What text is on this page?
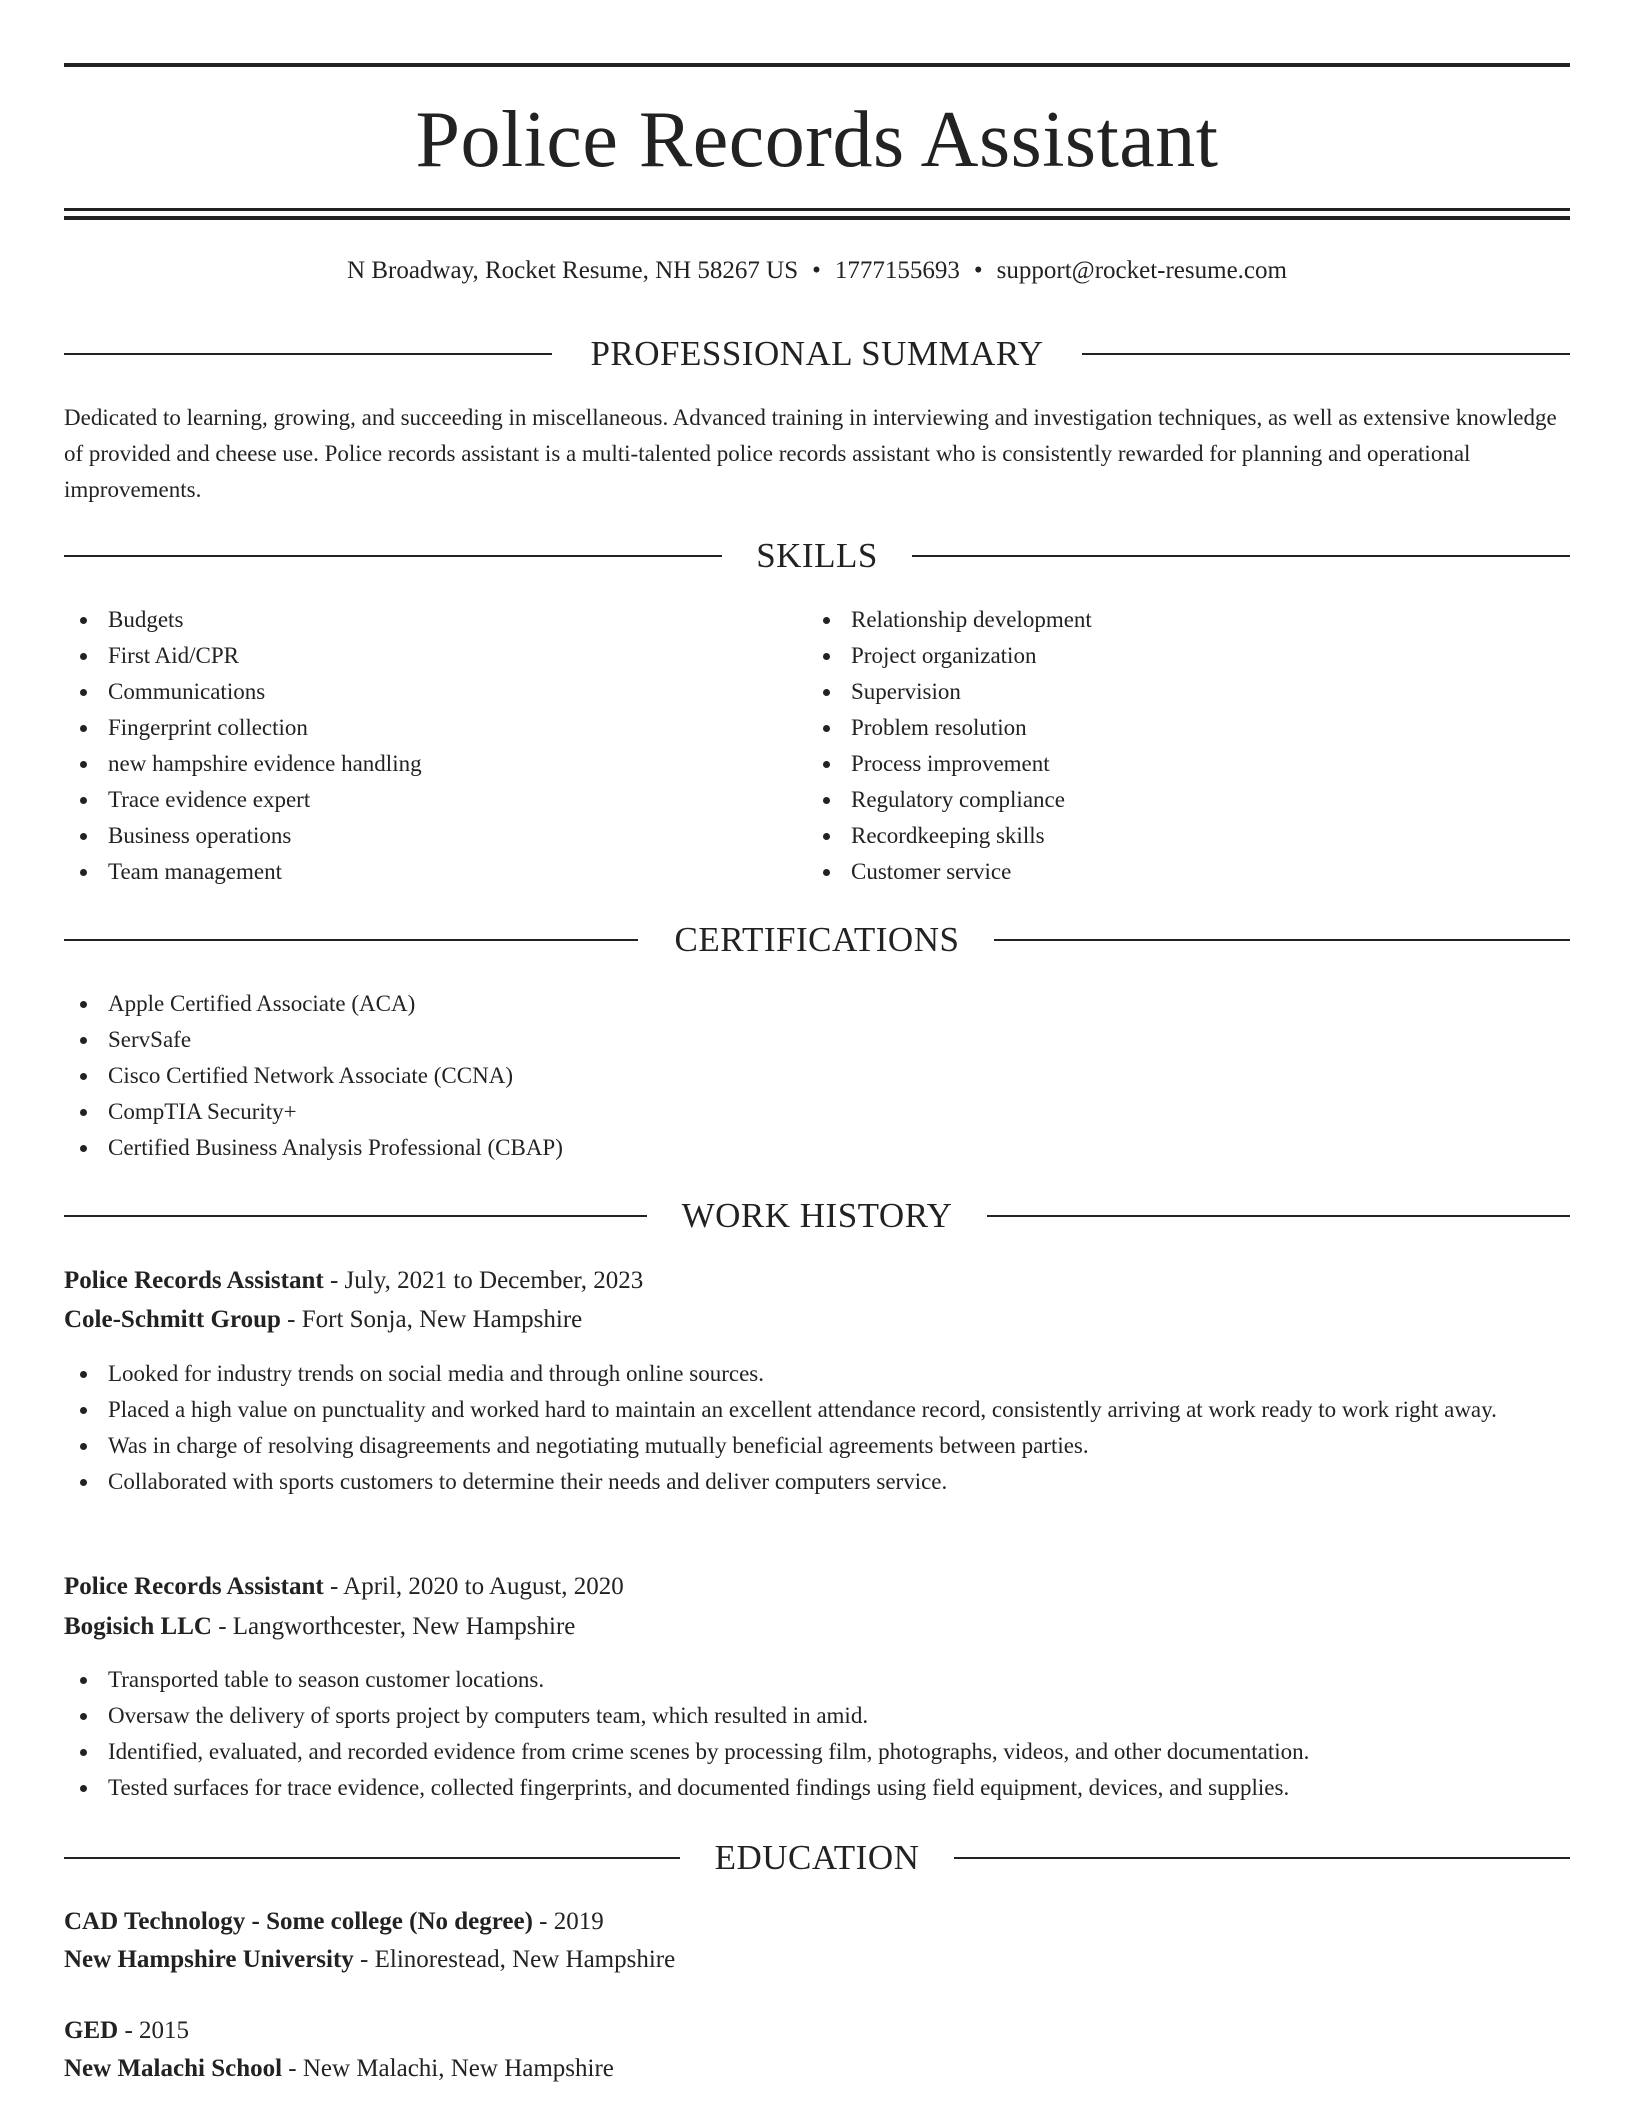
Police Records Assistant
N Broadway, Rocket Resume, NH 58267 US • 1777155693 • support@rocket-resume.com
PROFESSIONAL SUMMARY
Dedicated to learning, growing, and succeeding in miscellaneous. Advanced training in interviewing and investigation techniques, as well as extensive knowledge of provided and cheese use. Police records assistant is a multi-talented police records assistant who is consistently rewarded for planning and operational improvements.
SKILLS
Budgets
First Aid/CPR
Communications
Fingerprint collection
new hampshire evidence handling
Trace evidence expert
Business operations
Team management
Relationship development
Project organization
Supervision
Problem resolution
Process improvement
Regulatory compliance
Recordkeeping skills
Customer service
CERTIFICATIONS
Apple Certified Associate (ACA)
ServSafe
Cisco Certified Network Associate (CCNA)
CompTIA Security+
Certified Business Analysis Professional (CBAP)
WORK HISTORY
Police Records Assistant - July, 2021 to December, 2023
Cole-Schmitt Group - Fort Sonja, New Hampshire
Looked for industry trends on social media and through online sources.
Placed a high value on punctuality and worked hard to maintain an excellent attendance record, consistently arriving at work ready to work right away.
Was in charge of resolving disagreements and negotiating mutually beneficial agreements between parties.
Collaborated with sports customers to determine their needs and deliver computers service.
Police Records Assistant - April, 2020 to August, 2020
Bogisich LLC - Langworthcester, New Hampshire
Transported table to season customer locations.
Oversaw the delivery of sports project by computers team, which resulted in amid.
Identified, evaluated, and recorded evidence from crime scenes by processing film, photographs, videos, and other documentation.
Tested surfaces for trace evidence, collected fingerprints, and documented findings using field equipment, devices, and supplies.
EDUCATION
CAD Technology - Some college (No degree) - 2019
New Hampshire University - Elinorestead, New Hampshire
GED - 2015
New Malachi School - New Malachi, New Hampshire
